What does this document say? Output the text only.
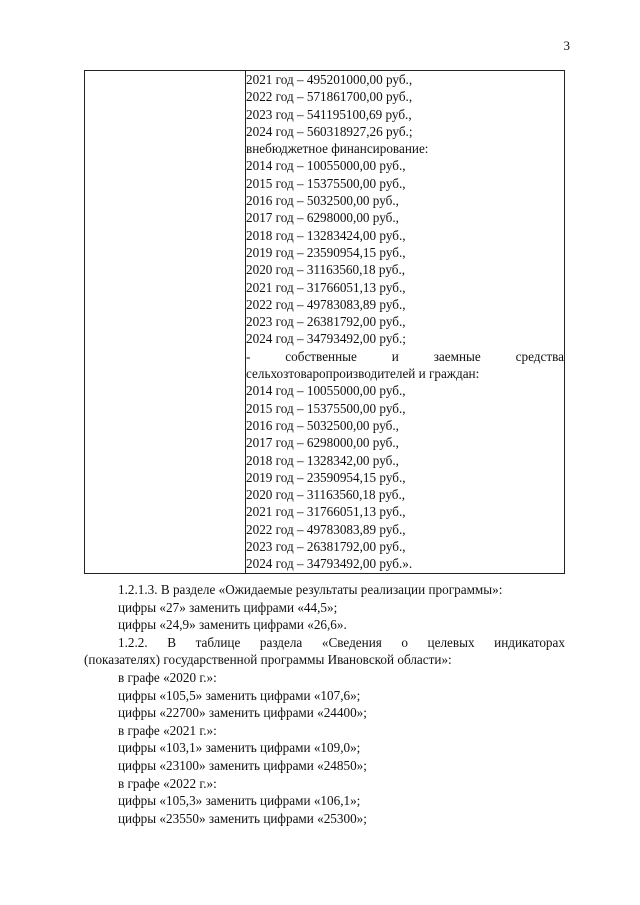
3

2021 год – 495201000,00 руб.,
2022 год – 571861700,00 руб.,
2023 год – 541195100,69 руб.,
2024 год – 560318927,26 руб.;
внебюджетное финансирование:
2014 год – 10055000,00 руб.,
2015 год – 15375500,00 руб.,
2016 год – 5032500,00 руб.,
2017 год – 6298000,00 руб.,
2018 год – 13283424,00 руб.,
2019 год – 23590954,15 руб.,
2020 год – 31163560,18 руб.,
2021 год – 31766051,13 руб.,
2022 год – 49783083,89 руб.,
2023 год – 26381792,00 руб.,
2024 год – 34793492,00 руб.;
-	собственные	и	заемные	средства
сельхозтоваропроизводителей и граждан:
2014 год – 10055000,00 руб.,
2015 год – 15375500,00 руб.,
2016 год – 5032500,00 руб.,
2017 год – 6298000,00 руб.,
2018 год – 1328342,00 руб.,
2019 год – 23590954,15 руб.,
2020 год – 31163560,18 руб.,
2021 год – 31766051,13 руб.,
2022 год – 49783083,89 руб.,
2023 год – 26381792,00 руб.,
2024 год – 34793492,00 руб.».
1.2.1.3. В разделе «Ожидаемые результаты реализации программы»:
цифры «27» заменить цифрами «44,5»;
цифры «24,9» заменить цифрами «26,6».
1.2.2. В таблице раздела «Сведения о целевых индикаторах
(показателях) государственной программы Ивановской области»:
в графе «2020 г.»:
цифры «105,5» заменить цифрами «107,6»;
цифры «22700» заменить цифрами «24400»;
в графе «2021 г.»:
цифры «103,1» заменить цифрами «109,0»;
цифры «23100» заменить цифрами «24850»;
в графе «2022 г.»:
цифры «105,3» заменить цифрами «106,1»;
цифры «23550» заменить цифрами «25300»;
